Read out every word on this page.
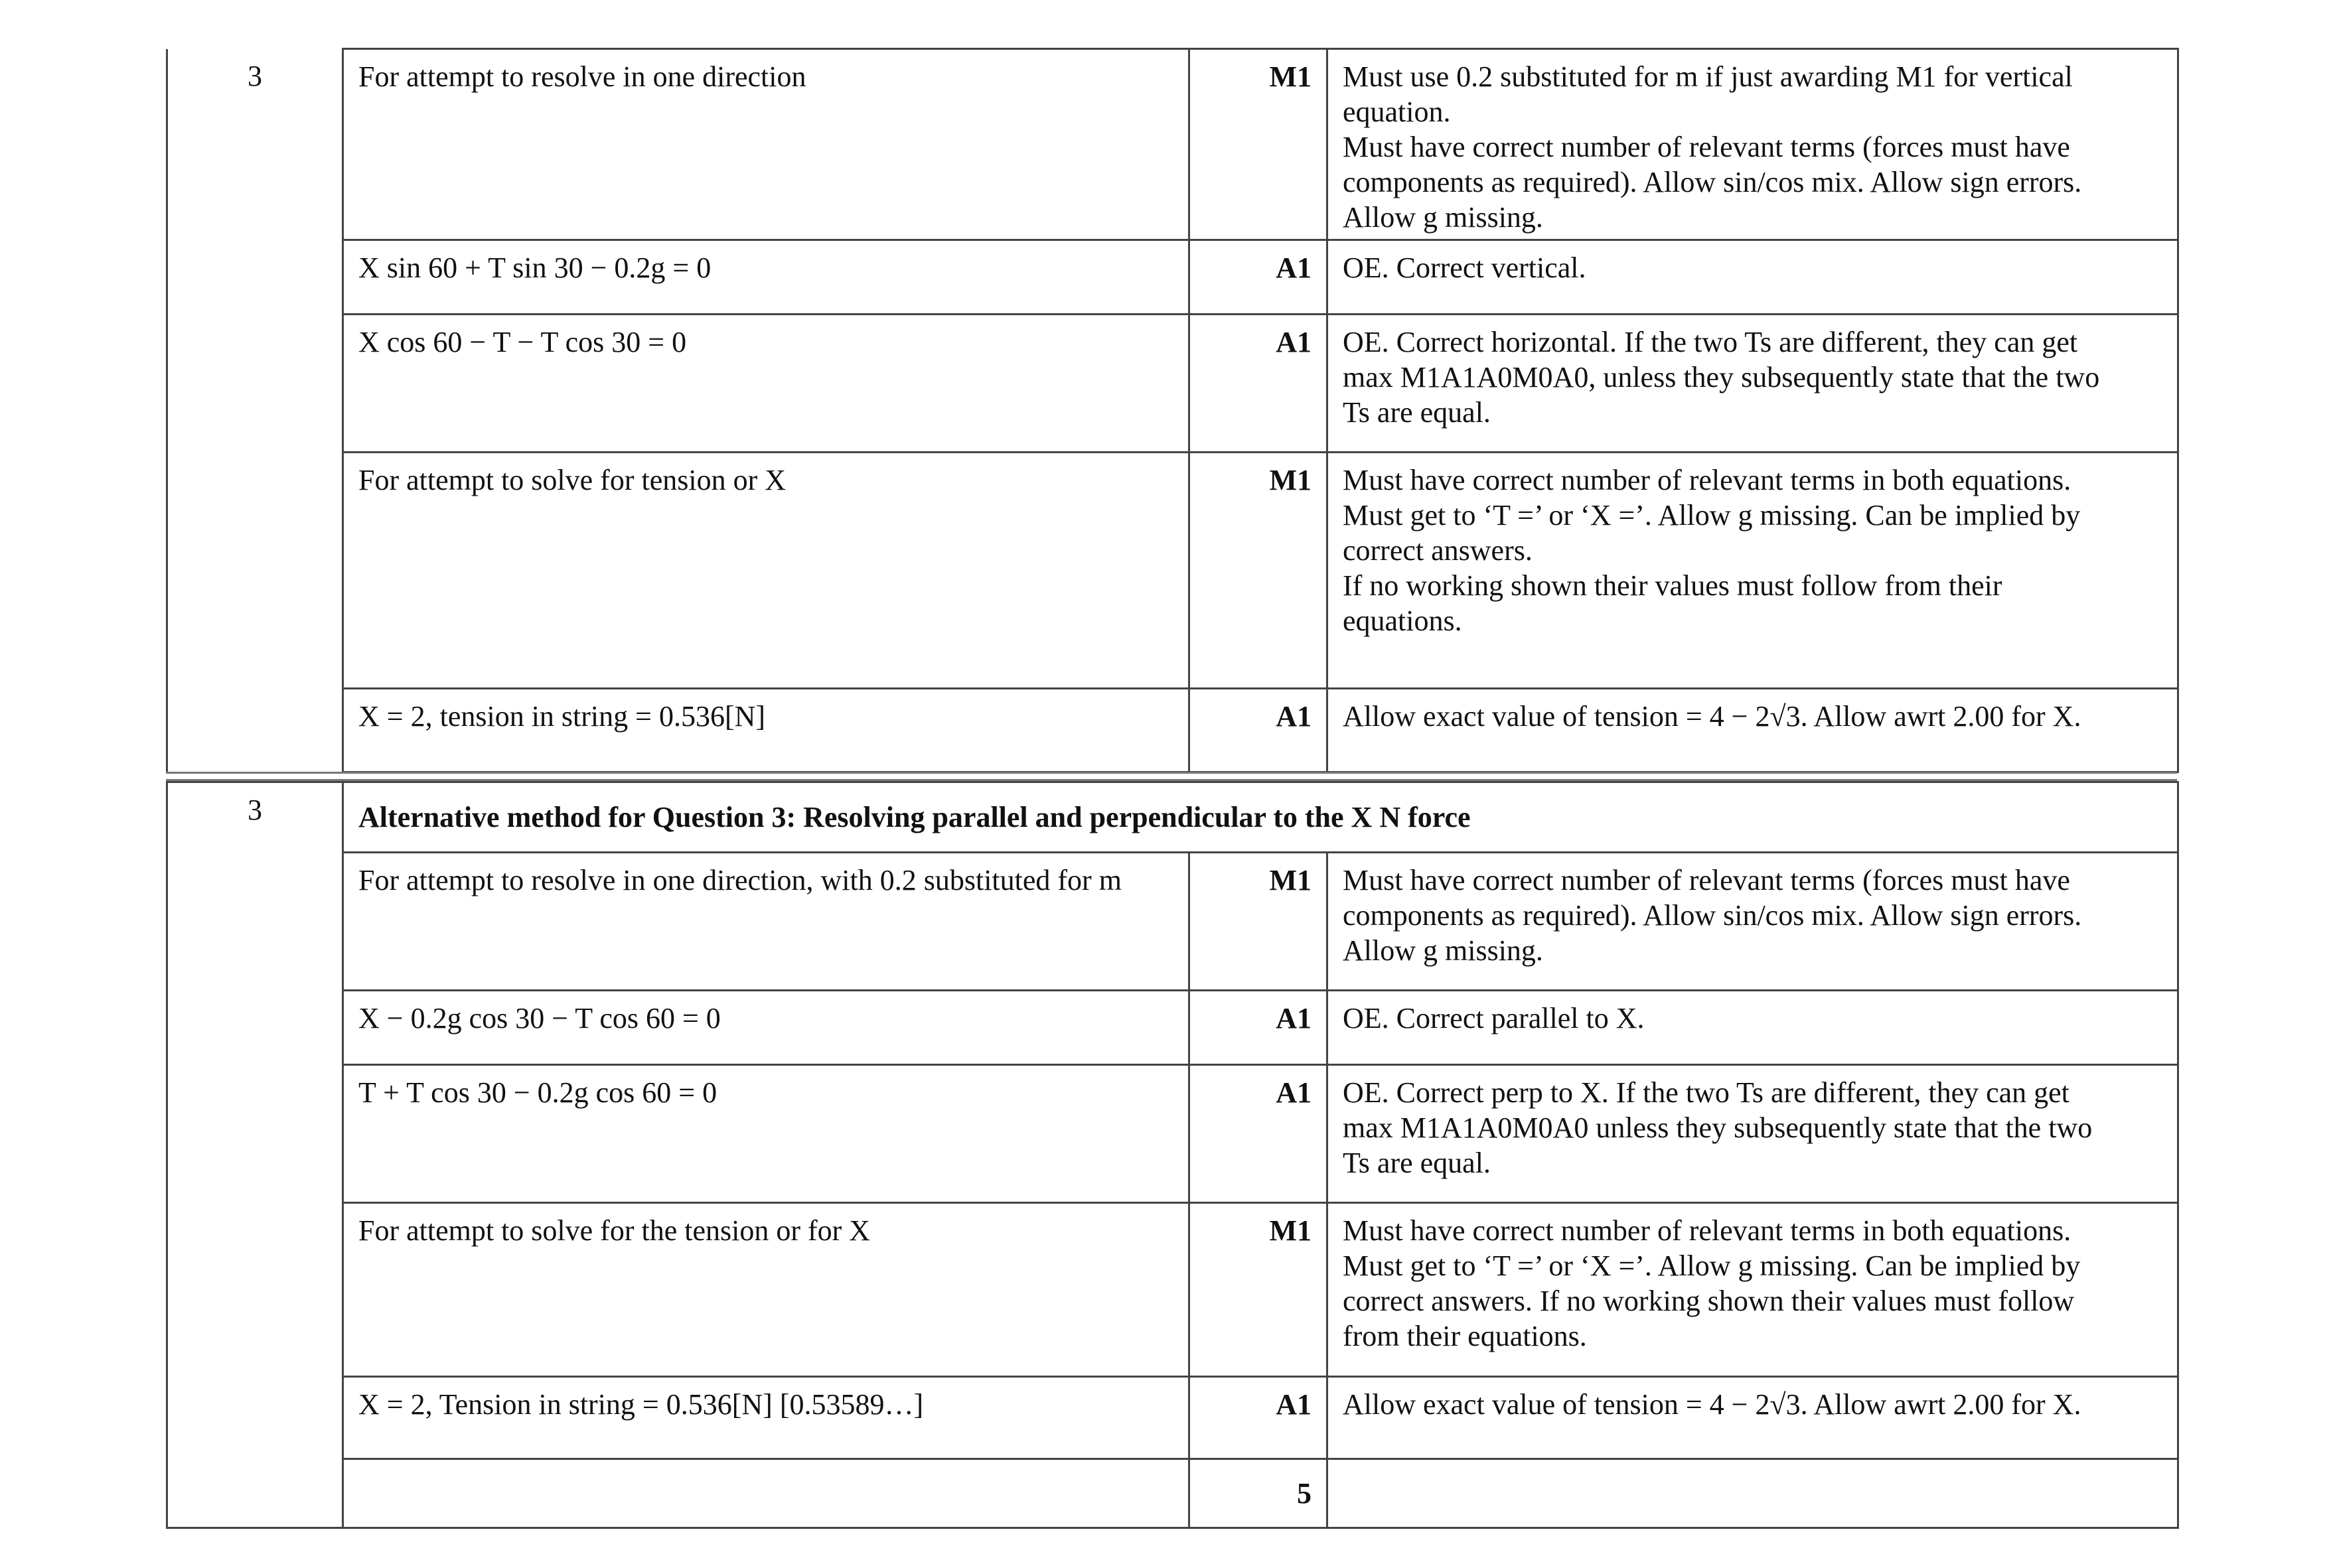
3	For attempt to resolve in one direction	M1	Must use 0.2 substituted for m if just awarding M1 for vertical
equation.
Must have correct number of relevant terms (forces must have
components as required). Allow sin/cos mix. Allow sign errors.
Allow g missing.

	X sin 60 + T sin 30 − 0.2g = 0	A1	OE. Correct vertical.

	X cos 60 − T − T cos 30 = 0	A1	OE. Correct horizontal. If the two Ts are different, they can get
max M1A1A0M0A0, unless they subsequently state that the two
Ts are equal.

	For attempt to solve for tension or X	M1	Must have correct number of relevant terms in both equations.
Must get to ‘T =’ or ‘X =’. Allow g missing. Can be implied by
correct answers.
If no working shown their values must follow from their
equations.

	X = 2, tension in string = 0.536[N]	A1	Allow exact value of tension = 4 − 2√3. Allow awrt 2.00 for X.
3	Alternative method for Question 3: Resolving parallel and perpendicular to the X N force		
	For attempt to resolve in one direction, with 0.2 substituted for m	M1	Must have correct number of relevant terms (forces must have
components as required). Allow sin/cos mix. Allow sign errors.
Allow g missing.

	X − 0.2g cos 30 − T cos 60 = 0	A1	OE. Correct parallel to X.

	T + T cos 30 − 0.2g cos 60 = 0	A1	OE. Correct perp to X. If the two Ts are different, they can get
max M1A1A0M0A0 unless they subsequently state that the two
Ts are equal.

	For attempt to solve for the tension or for X	M1	Must have correct number of relevant terms in both equations.
Must get to ‘T =’ or ‘X =’. Allow g missing. Can be implied by
correct answers. If no working shown their values must follow
from their equations.

	X = 2, Tension in string = 0.536[N] [0.53589…]	A1	Allow exact value of tension = 4 − 2√3. Allow awrt 2.00 for X.

		5	
